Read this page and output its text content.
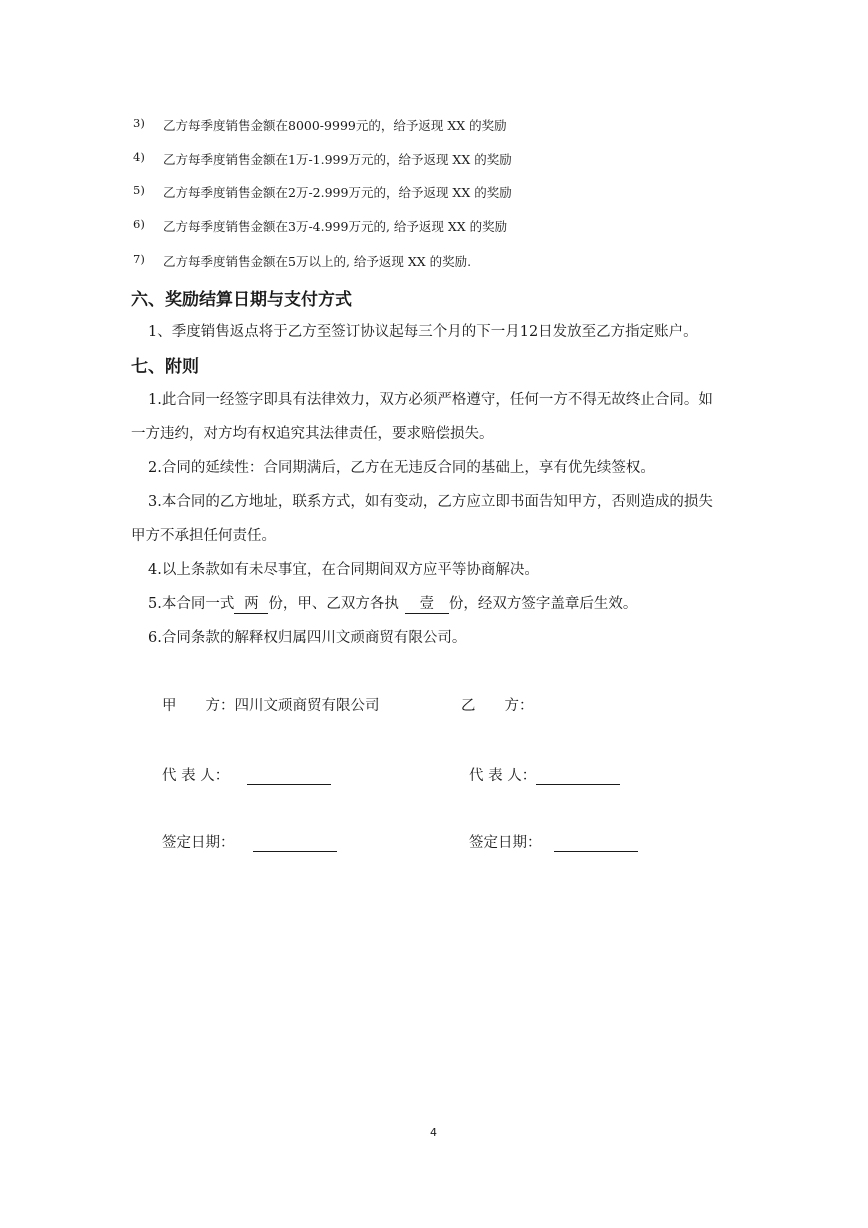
3) 乙方每季度销售金额在8000-9999元的，给予返现 XX 的奖励
4) 乙方每季度销售金额在1万-1.999万元的，给予返现 XX 的奖励
5) 乙方每季度销售金额在2万-2.999万元的，给予返现 XX 的奖励
6) 乙方每季度销售金额在3万-4.999万元的, 给予返现 XX 的奖励
7) 乙方每季度销售金额在5万以上的, 给予返现 XX 的奖励.
六、奖励结算日期与支付方式
1、季度销售返点将于乙方至签订协议起每三个月的下一月12日发放至乙方指定账户。
七、附则
1.此合同一经签字即具有法律效力，双方必须严格遵守，任何一方不得无故终止合同。如
一方违约，对方均有权追究其法律责任，要求赔偿损失。
2.合同的延续性：合同期满后，乙方在无违反合同的基础上，享有优先续签权。
3.本合同的乙方地址，联系方式，如有变动，乙方应立即书面告知甲方，否则造成的损失
甲方不承担任何责任。
4.以上条款如有未尽事宜，在合同期间双方应平等协商解决。
5.本合同一式 两 份，甲、乙双方各执 壹 份，经双方签字盖章后生效。
6.合同条款的解释权归属四川文顽商贸有限公司。
甲　　方：四川文顽商贸有限公司	乙　　方：
代 表 人：	代 表 人：
签定日期：	签定日期：
4
